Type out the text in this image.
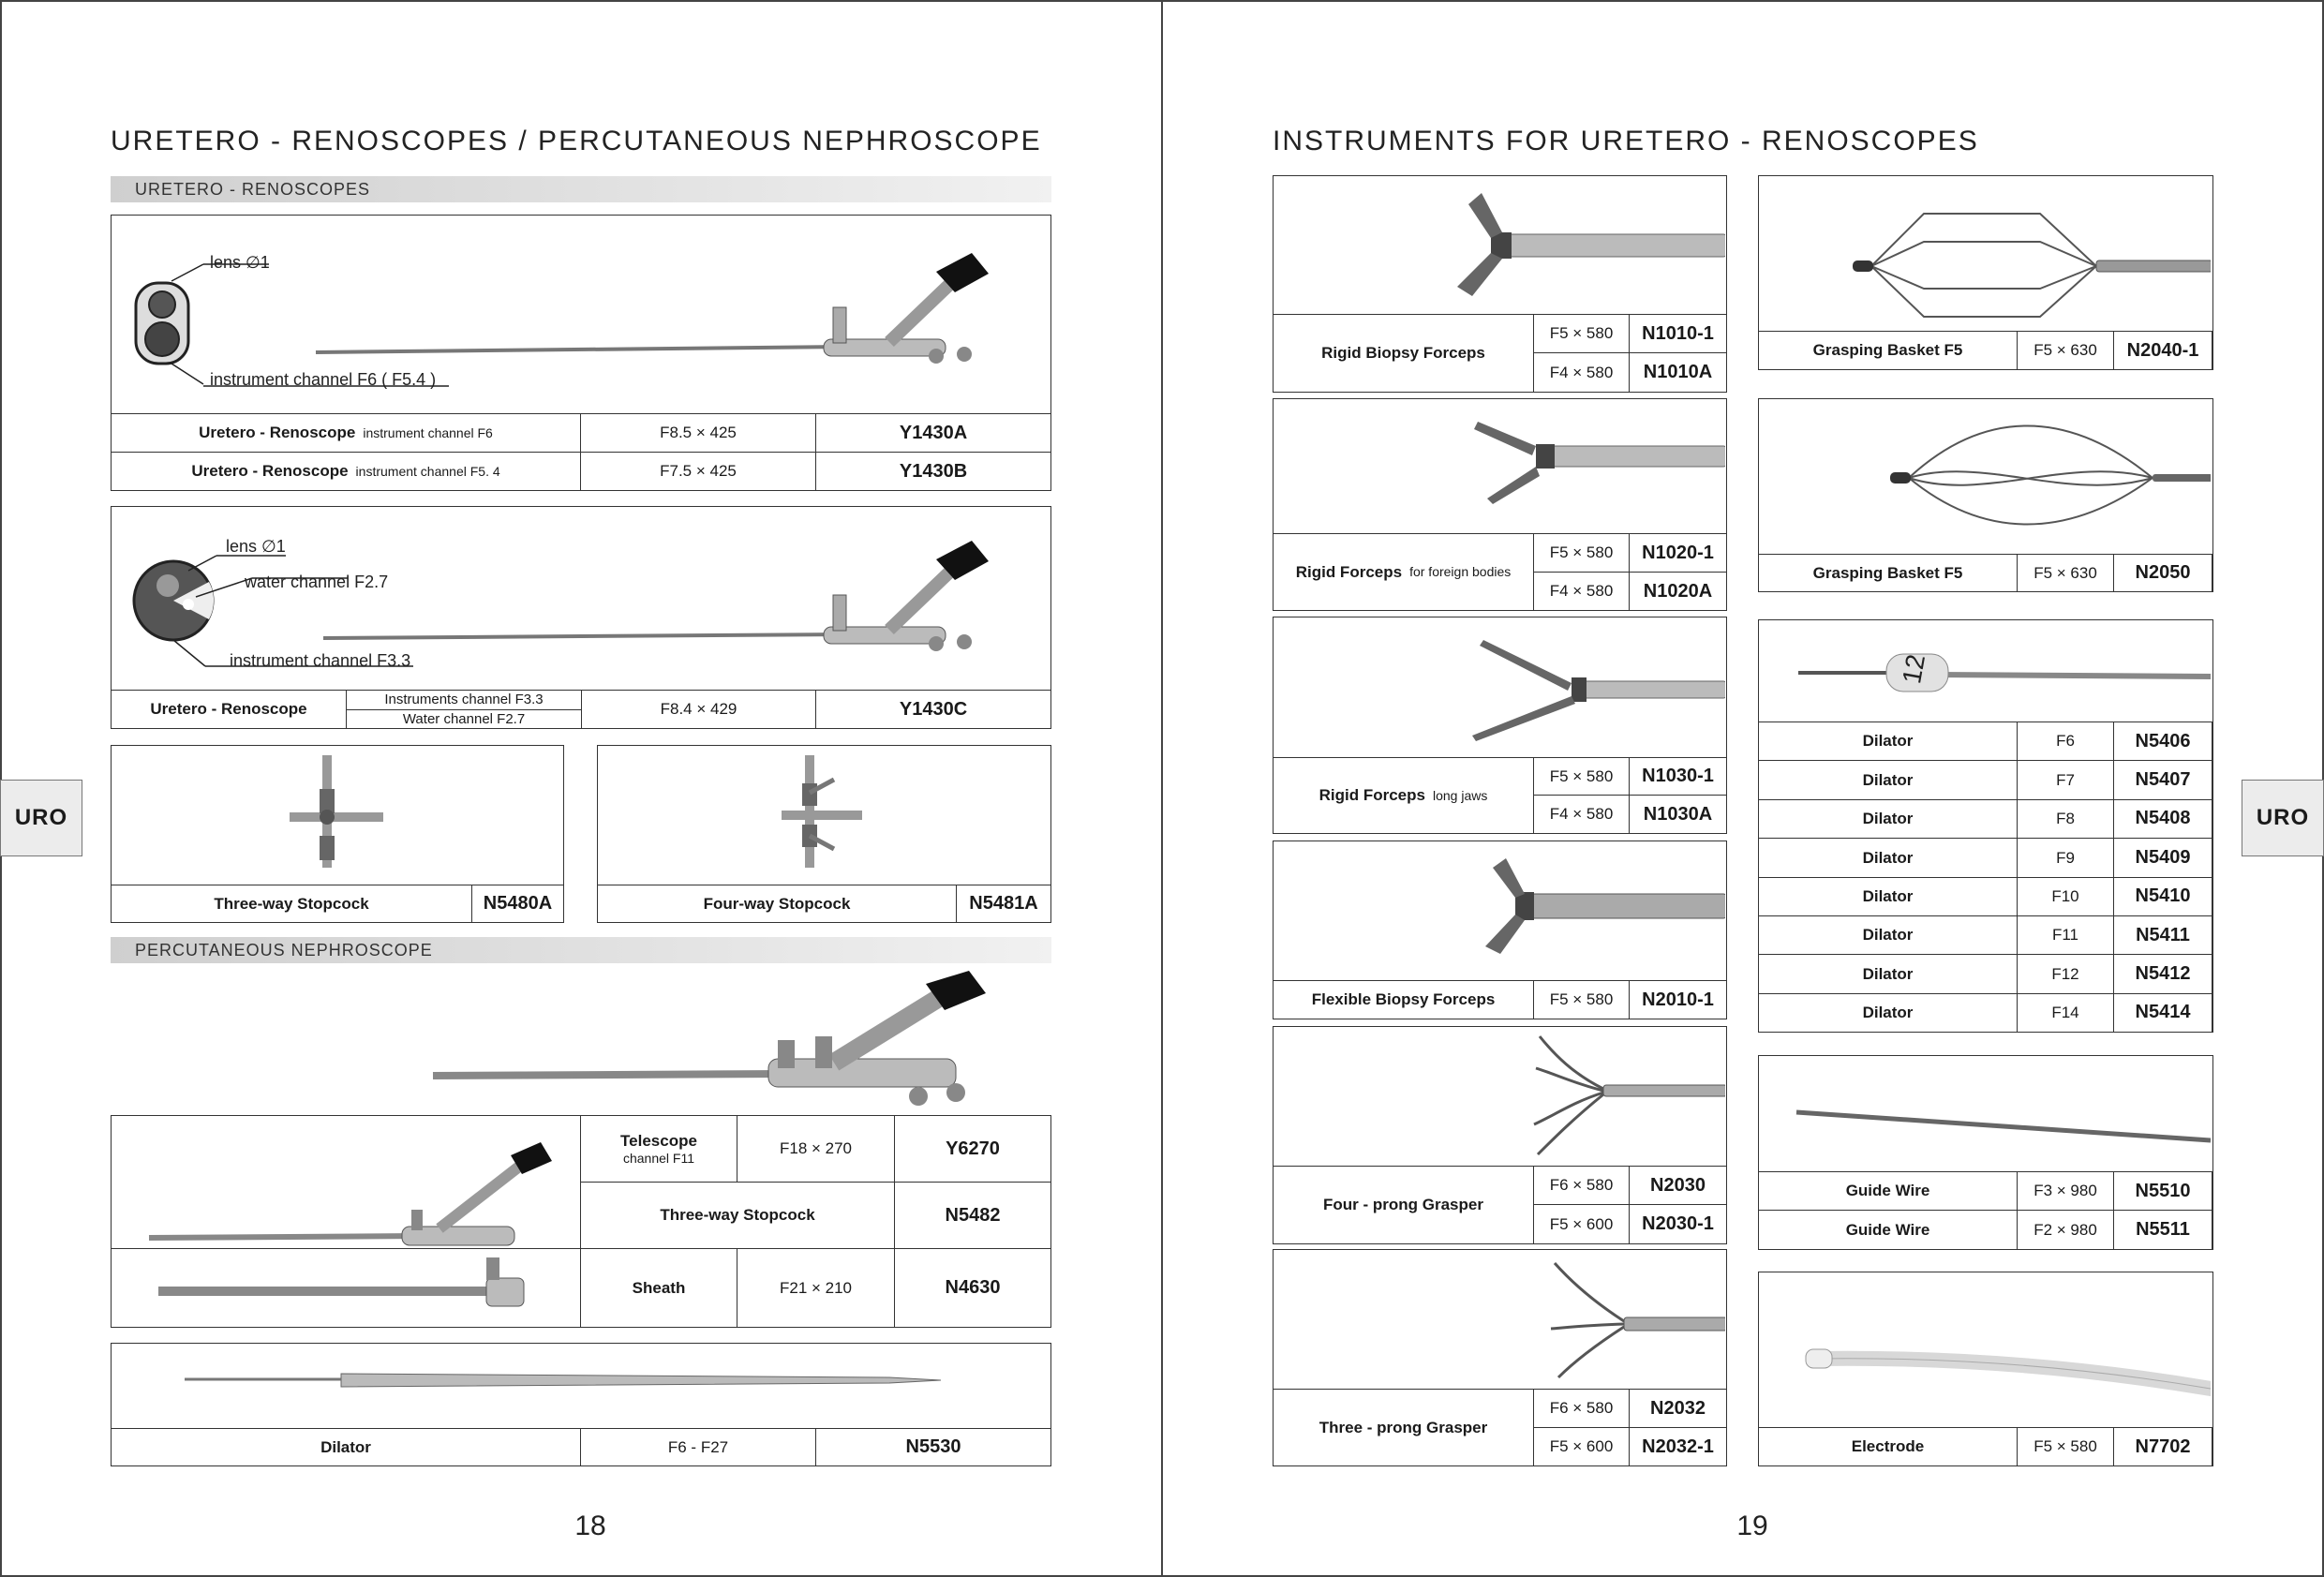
URETERO - RENOSCOPES / PERCUTANEOUS NEPHROSCOPE
URETERO - RENOSCOPES
lens ∅1
instrument channel F6 ( F5.4 )
Uretero - Renoscope instrument channel F6	F8.5 × 425	Y1430A
Uretero - Renoscope instrument channel F5. 4	F7.5 × 425	Y1430B
lens ∅1
water channel F2.7
instrument channel F3.3
Uretero - Renoscope
Instruments channel F3.3
Water channel F2.7
F8.4 × 429	Y1430C
Three-way Stopcock	N5480A	Four-way Stopcock	N5481A
PERCUTANEOUS NEPHROSCOPE
Telescope
channel F11
F18 × 270	Y6270
Three-way Stopcock	N5482
Sheath	F21 × 210	N4630
Dilator	F6 - F27	N5530
18
URO
INSTRUMENTS FOR URETERO - RENOSCOPES
Rigid Biopsy Forceps
F5 × 580	N1010-1
F4 × 580	N1010A
Rigid Forceps for foreign bodies
F5 × 580	N1020-1
F4 × 580	N1020A
Rigid Forceps long jaws
F5 × 580	N1030-1
F4 × 580	N1030A
Flexible Biopsy Forceps	F5 × 580	N2010-1
Four - prong Grasper
F6 × 580	N2030
F5 × 600	N2030-1
Three - prong Grasper
F6 × 580	N2032
F5 × 600	N2032-1
Grasping Basket F5	F5 × 630	N2040-1
Grasping Basket F5	F5 × 630	N2050
12
Dilator	F6	N5406
Dilator	F7	N5407
Dilator	F8	N5408
Dilator	F9	N5409
Dilator	F10	N5410
Dilator	F11	N5411
Dilator	F12	N5412
Dilator	F14	N5414
Guide Wire	F3 × 980	N5510
Guide Wire	F2 × 980	N5511
Electrode	F5 × 580	N7702
19
URO
